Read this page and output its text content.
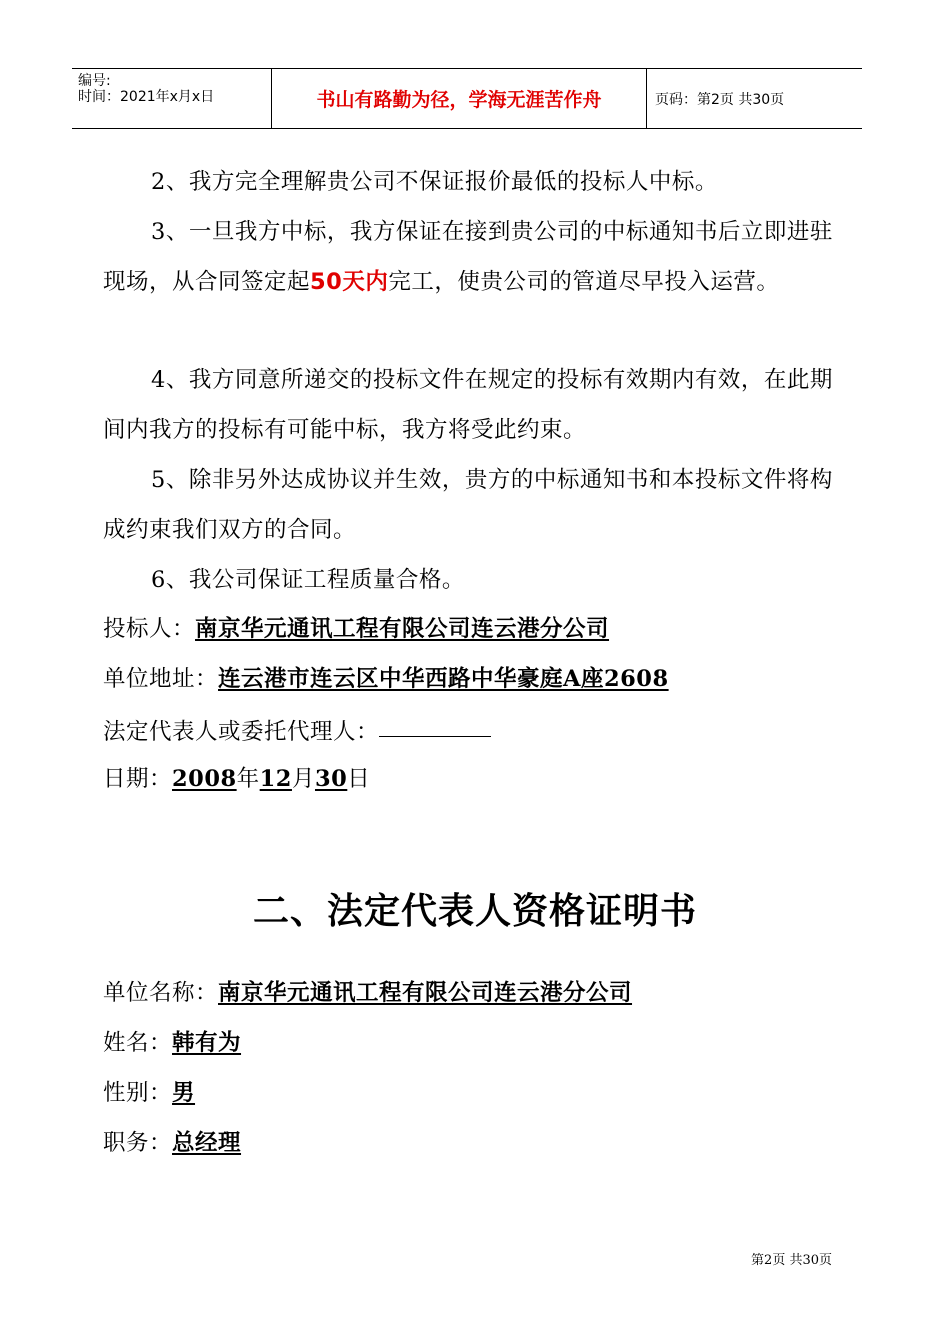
编号:
时间：2021年x月x日	书山有路勤为径，学海无涯苦作舟	页码：第2页 共30页

2、我方完全理解贵公司不保证报价最低的投标人中标。

3、一旦我方中标，我方保证在接到贵公司的中标通知书后立即进驻现场，从合同签定起50天内完工，使贵公司的管道尽早投入运营。

4、我方同意所递交的投标文件在规定的投标有效期内有效，在此期间内我方的投标有可能中标，我方将受此约束。

5、除非另外达成协议并生效，贵方的中标通知书和本投标文件将构成约束我们双方的合同。

6、我公司保证工程质量合格。

投标人：南京华元通讯工程有限公司连云港分公司

单位地址：连云港市连云区中华西路中华豪庭A座2608

法定代表人或委托代理人：

日期：2008年12月30日

二、法定代表人资格证明书

单位名称：南京华元通讯工程有限公司连云港分公司

姓名：韩有为

性别：男

职务：总经理

第2页 共30页
